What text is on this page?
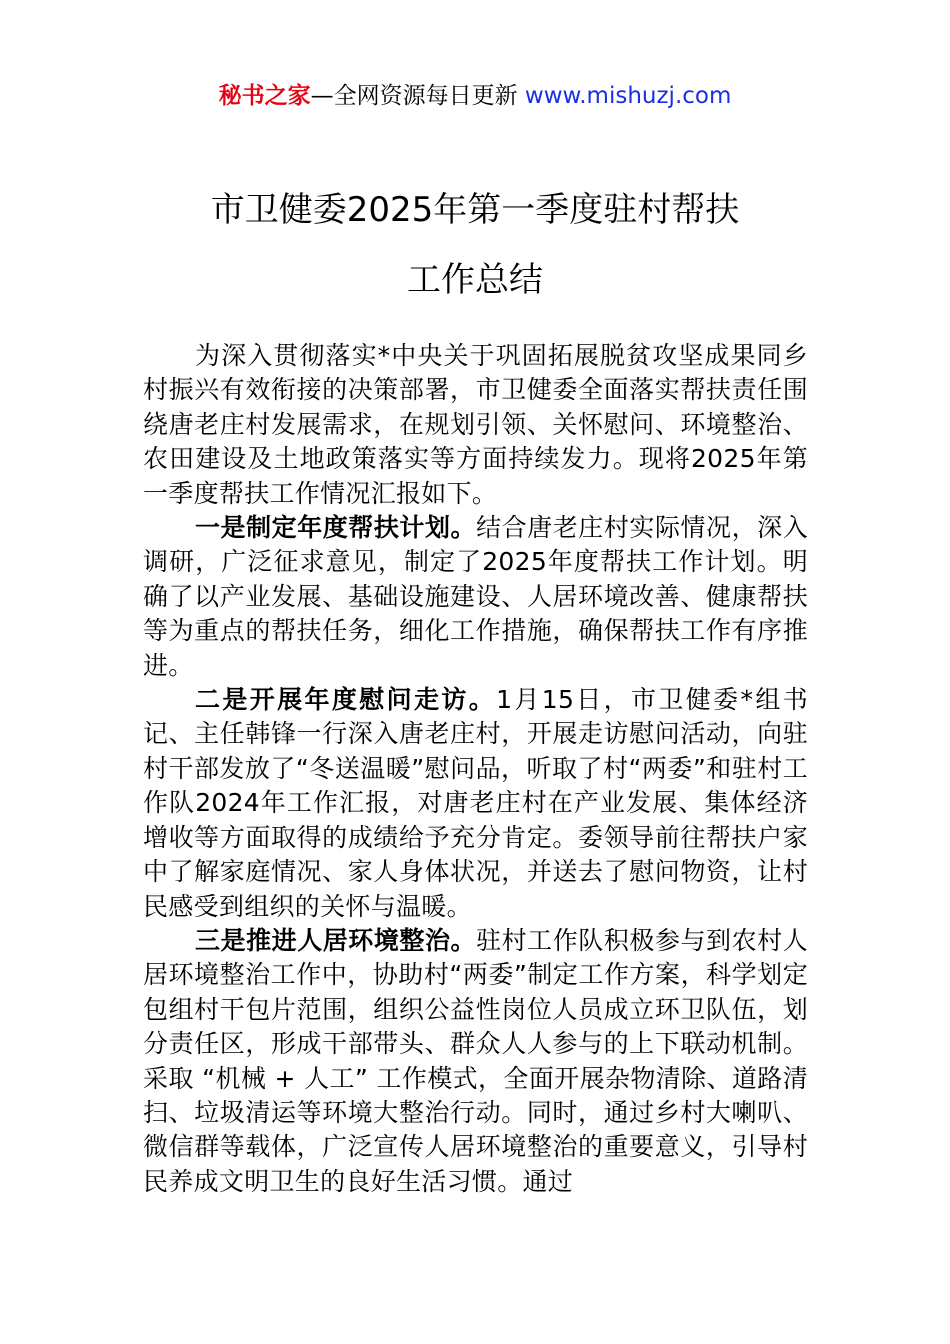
秘书之家—全网资源每日更新 www.mishuzj.com
市卫健委2025年第一季度驻村帮扶
工作总结

为深入贯彻落实*中央关于巩固拓展脱贫攻坚成果同乡村振兴有效衔接的决策部署，市卫健委全面落实帮扶责任围绕唐老庄村发展需求，在规划引领、关怀慰问、环境整治、农田建设及土地政策落实等方面持续发力。现将2025年第一季度帮扶工作情况汇报如下。

一是制定年度帮扶计划。结合唐老庄村实际情况，深入调研，广泛征求意见，制定了2025年度帮扶工作计划。明确了以产业发展、基础设施建设、人居环境改善、健康帮扶等为重点的帮扶任务，细化工作措施，确保帮扶工作有序推进。

二是开展年度慰问走访。1月15日，市卫健委*组书记、主任韩锋一行深入唐老庄村，开展走访慰问活动，向驻村干部发放了“冬送温暖”慰问品，听取了村“两委”和驻村工作队2024年工作汇报，对唐老庄村在产业发展、集体经济增收等方面取得的成绩给予充分肯定。委领导前往帮扶户家中了解家庭情况、家人身体状况，并送去了慰问物资，让村民感受到组织的关怀与温暖。

三是推进人居环境整治。驻村工作队积极参与到农村人居环境整治工作中，协助村“两委”制定工作方案，科学划定包组村干包片范围，组织公益性岗位人员成立环卫队伍，划分责任区，形成干部带头、群众人人参与的上下联动机制。采取 “机械 + 人工” 工作模式，全面开展杂物清除、道路清扫、垃圾清运等环境大整治行动。同时，通过乡村大喇叭、微信群等载体，广泛宣传人居环境整治的重要意义，引导村民养成文明卫生的良好生活习惯。通过
